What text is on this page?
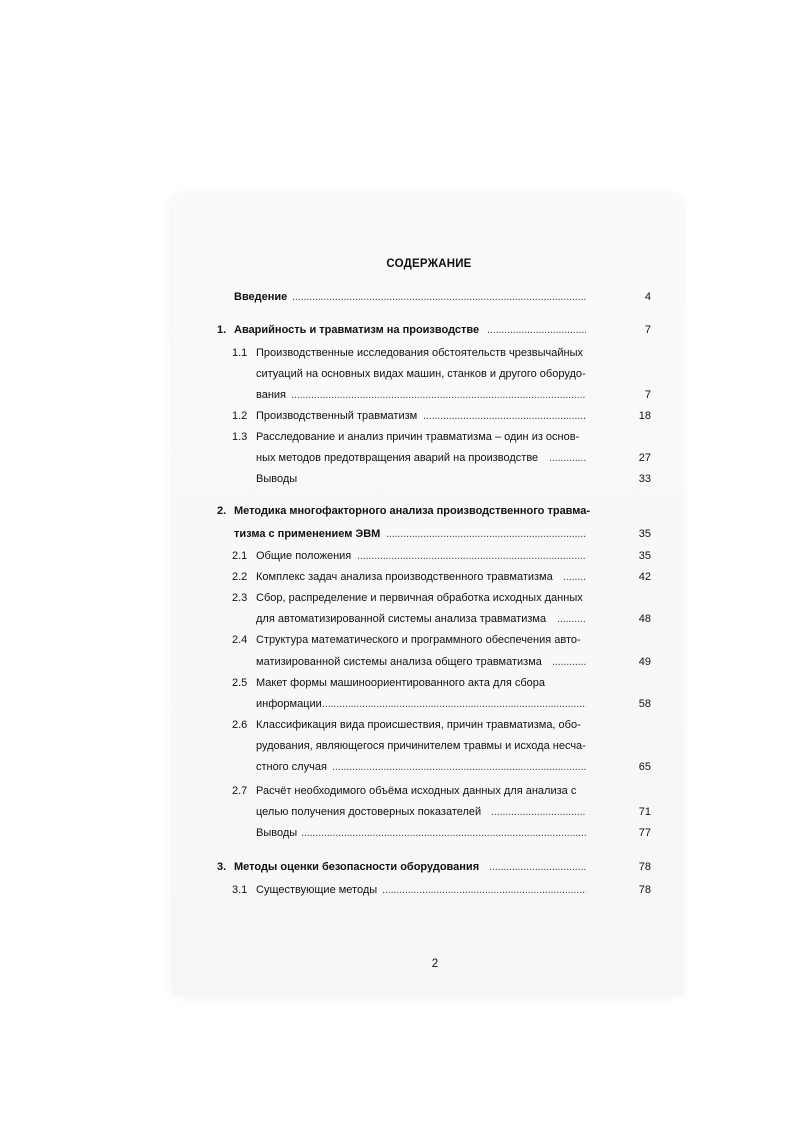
СОДЕРЖАНИЕ
Введение .....	4
1. Аварийность и травматизм на производстве .....	7
1.1 Производственные исследования обстоятельств чрезвычайных
ситуаций на основных видах машин, станков и другого оборудо-
вания .....	7
1.2 Производственный травматизм .....	18
1.3 Расследование и анализ причин травматизма – один из основ-
ных методов предотвращения аварий на производстве .....	27
Выводы	33
2. Методика многофакторного анализа производственного травма-
тизма с применением ЭВМ .....	35
2.1 Общие положения .....	35
2.2 Комплекс задач анализа производственного травматизма .....	42
2.3 Сбор, распределение и первичная обработка исходных данных
для автоматизированной системы анализа травматизма .....	48
2.4 Структура математического и программного обеспечения авто-
матизированной системы анализа общего травматизма .....	49
2.5 Макет формы машиноориентированного акта для сбора
информации .....	58
2.6 Классификация вида происшествия, причин травматизма, обо-
рудования, являющегося причинителем травмы и исхода несча-
стного случая .....	65
2.7 Расчёт необходимого объёма исходных данных для анализа с
целью получения достоверных показателей .....	71
Выводы .....	77
3. Методы оценки безопасности оборудования .....	78
3.1 Существующие методы .....	78
2
